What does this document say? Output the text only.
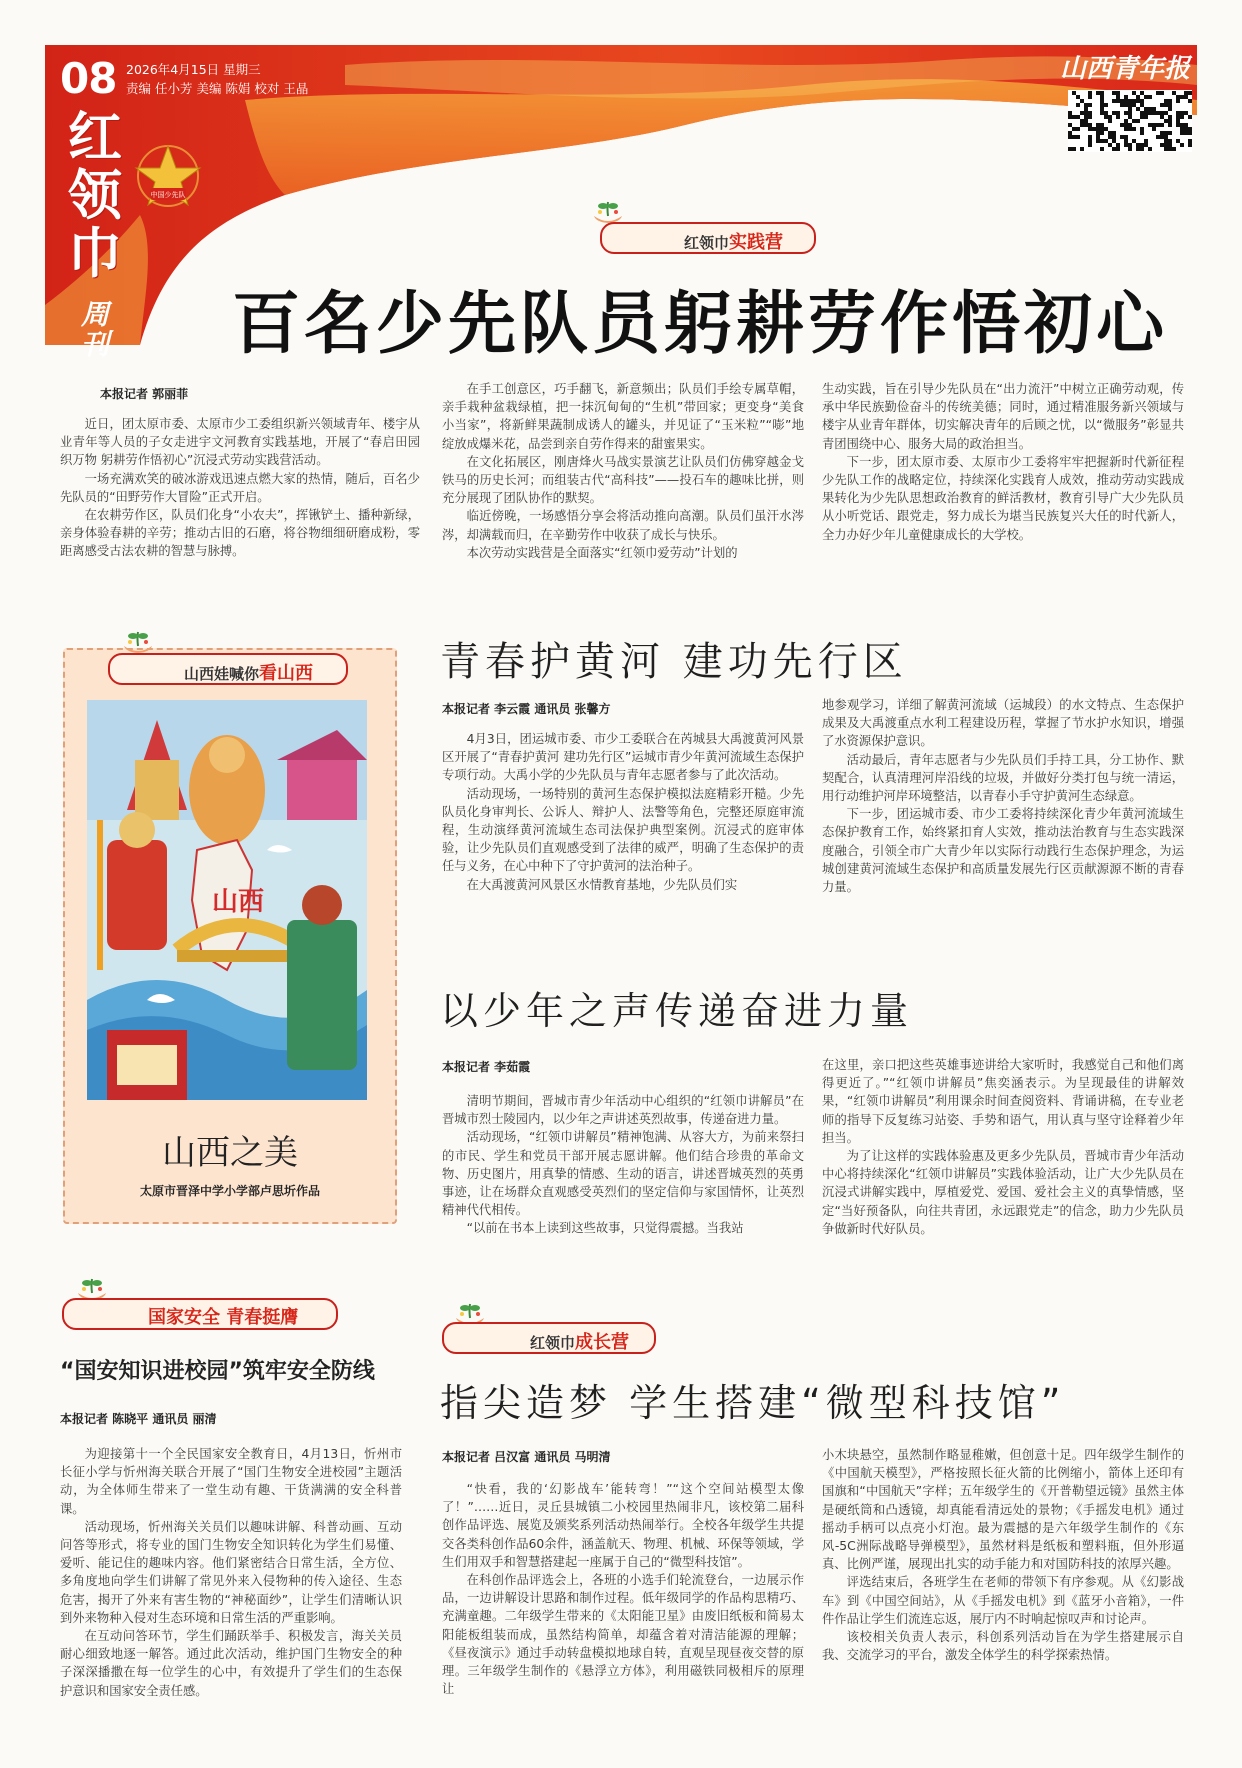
08 2026年4月15日 星期三
责编 任小芳 美编 陈娟 校对 王晶
红
领
巾
周
刊
中国少先队
山西青年报
红领巾实践营
百名少先队员躬耕劳作悟初心
本报记者 郭丽菲

近日，团太原市委、太原市少工委组织新兴领域青年、楼宇从业青年等人员的子女走进宇文河教育实践基地，开展了“春启田园织万物 躬耕劳作悟初心”沉浸式劳动实践营活动。

一场充满欢笑的破冰游戏迅速点燃大家的热情，随后，百名少先队员的“田野劳作大冒险”正式开启。

在农耕劳作区，队员们化身“小农夫”，挥锹铲土、播种新绿，亲身体验春耕的辛劳；推动古旧的石磨，将谷物细细研磨成粉，零距离感受古法农耕的智慧与脉搏。

在手工创意区，巧手翻飞，新意频出；队员们手绘专属草帽，亲手栽种盆栽绿植，把一抹沉甸甸的“生机”带回家；更变身“美食小当家”，将新鲜果蔬制成诱人的罐头，并见证了“玉米粒”“嘭”地绽放成爆米花，品尝到亲自劳作得来的甜蜜果实。

在文化拓展区，刚唐烽火马战实景演艺让队员们仿佛穿越金戈铁马的历史长河；而组装古代“高科技”——投石车的趣味比拼，则充分展现了团队协作的默契。

临近傍晚，一场感悟分享会将活动推向高潮。队员们虽汗水涔涔，却满载而归，在辛勤劳作中收获了成长与快乐。

本次劳动实践营是全面落实“红领巾爱劳动”计划的

生动实践，旨在引导少先队员在“出力流汗”中树立正确劳动观，传承中华民族勤俭奋斗的传统美德；同时，通过精准服务新兴领域与楼宇从业青年群体，切实解决青年的后顾之忧，以“微服务”彰显共青团围绕中心、服务大局的政治担当。

下一步，团太原市委、太原市少工委将牢牢把握新时代新征程少先队工作的战略定位，持续深化实践育人成效，推动劳动实践成果转化为少先队思想政治教育的鲜活教材，教育引导广大少先队员从小听党话、跟党走，努力成长为堪当民族复兴大任的时代新人，全力办好少年儿童健康成长的大学校。

山西娃喊你看山西
山西
山西之美
太原市晋泽中学小学部卢思圻作品
青春护黄河 建功先行区
本报记者 李云霞 通讯员 张馨方

4月3日，团运城市委、市少工委联合在芮城县大禹渡黄河风景区开展了“青春护黄河 建功先行区”运城市青少年黄河流域生态保护专项行动。大禹小学的少先队员与青年志愿者参与了此次活动。

活动现场，一场特别的黄河生态保护模拟法庭精彩开糙。少先队员化身审判长、公诉人、辩护人、法警等角色，完整还原庭审流程，生动演绎黄河流域生态司法保护典型案例。沉浸式的庭审体验，让少先队员们直观感受到了法律的威严，明确了生态保护的责任与义务，在心中种下了守护黄河的法治种子。

在大禹渡黄河风景区水情教育基地，少先队员们实

地参观学习，详细了解黄河流域（运城段）的水文特点、生态保护成果及大禹渡重点水利工程建设历程，掌握了节水护水知识，增强了水资源保护意识。

活动最后，青年志愿者与少先队员们手持工具，分工协作、默契配合，认真清理河岸沿线的垃圾，并做好分类打包与统一清运，用行动维护河岸环境整洁，以青春小手守护黄河生态绿意。

下一步，团运城市委、市少工委将持续深化青少年黄河流域生态保护教育工作，始终紧扣育人实效，推动法治教育与生态实践深度融合，引领全市广大青少年以实际行动践行生态保护理念，为运城创建黄河流域生态保护和高质量发展先行区贡献源源不断的青春力量。

以少年之声传递奋进力量
本报记者 李茹霞

清明节期间，晋城市青少年活动中心组织的“红领巾讲解员”在晋城市烈士陵园内，以少年之声讲述英烈故事，传递奋进力量。

活动现场，“红领巾讲解员”精神饱满、从容大方，为前来祭扫的市民、学生和党员干部开展志愿讲解。他们结合珍贵的革命文物、历史图片，用真挚的情感、生动的语言，讲述晋城英烈的英勇事迹，让在场群众直观感受英烈们的坚定信仰与家国情怀，让英烈精神代代相传。

“以前在书本上读到这些故事，只觉得震撼。当我站

在这里，亲口把这些英雄事迹讲给大家听时，我感觉自己和他们离得更近了。”“红领巾讲解员”焦奕涵表示。为呈现最佳的讲解效果，“红领巾讲解员”利用课余时间查阅资料、背诵讲稿，在专业老师的指导下反复练习站姿、手势和语气，用认真与坚守诠释着少年担当。

为了让这样的实践体验惠及更多少先队员，晋城市青少年活动中心将持续深化“红领巾讲解员”实践体验活动，让广大少先队员在沉浸式讲解实践中，厚植爱党、爱国、爱社会主义的真挚情感，坚定“当好预备队，向往共青团，永远跟党走”的信念，助力少先队员争做新时代好队员。

国家安全 青春挺膺
“国安知识进校园”筑牢安全防线
本报记者 陈晓平 通讯员 丽清

为迎接第十一个全民国家安全教育日，4月13日，忻州市长征小学与忻州海关联合开展了“国门生物安全进校园”主题活动，为全体师生带来了一堂生动有趣、干货满满的安全科普课。

活动现场，忻州海关关员们以趣味讲解、科普动画、互动问答等形式，将专业的国门生物安全知识转化为学生们易懂、爱听、能记住的趣味内容。他们紧密结合日常生活，全方位、多角度地向学生们讲解了常见外来入侵物种的传入途径、生态危害，揭开了外来有害生物的“神秘面纱”，让学生们清晰认识到外来物种入侵对生态环境和日常生活的严重影响。

在互动问答环节，学生们踊跃举手、积极发言，海关关员耐心细致地逐一解答。通过此次活动，维护国门生物安全的种子深深播撒在每一位学生的心中，有效提升了学生们的生态保护意识和国家安全责任感。

红领巾成长营
指尖造梦 学生搭建“微型科技馆”
本报记者 吕汉富 通讯员 马明清

“快看，我的‘幻影战车’能转弯！”“这个空间站模型太像了！”……近日，灵丘县城镇二小校园里热闹非凡，该校第二届科创作品评选、展览及颁奖系列活动热闹举行。全校各年级学生共提交各类科创作品60余件，涵盖航天、物理、机械、环保等领域，学生们用双手和智慧搭建起一座属于自己的“微型科技馆”。

在科创作品评选会上，各班的小选手们轮流登台，一边展示作品，一边讲解设计思路和制作过程。低年级同学的作品构思精巧、充满童趣。二年级学生带来的《太阳能卫星》由废旧纸板和简易太阳能板组装而成，虽然结构简单，却蕴含着对清洁能源的理解；《昼夜演示》通过手动转盘模拟地球自转，直观呈现昼夜交替的原理。三年级学生制作的《悬浮立方体》，利用磁铁同极相斥的原理让

小木块悬空，虽然制作略显稚嫩，但创意十足。四年级学生制作的《中国航天模型》，严格按照长征火箭的比例缩小，箭体上还印有国旗和“中国航天”字样；五年级学生的《开普勒望远镜》虽然主体是硬纸筒和凸透镜，却真能看清远处的景物；《手摇发电机》通过摇动手柄可以点亮小灯泡。最为震撼的是六年级学生制作的《东风-5C洲际战略导弹模型》，虽然材料是纸板和塑料瓶，但外形逼真、比例严谨，展现出扎实的动手能力和对国防科技的浓厚兴趣。

评选结束后，各班学生在老师的带领下有序参观。从《幻影战车》到《中国空间站》，从《手摇发电机》到《蓝牙小音箱》，一件件作品让学生们流连忘返，展厅内不时响起惊叹声和讨论声。

该校相关负责人表示，科创系列活动旨在为学生搭建展示自我、交流学习的平台，激发全体学生的科学探索热情。
